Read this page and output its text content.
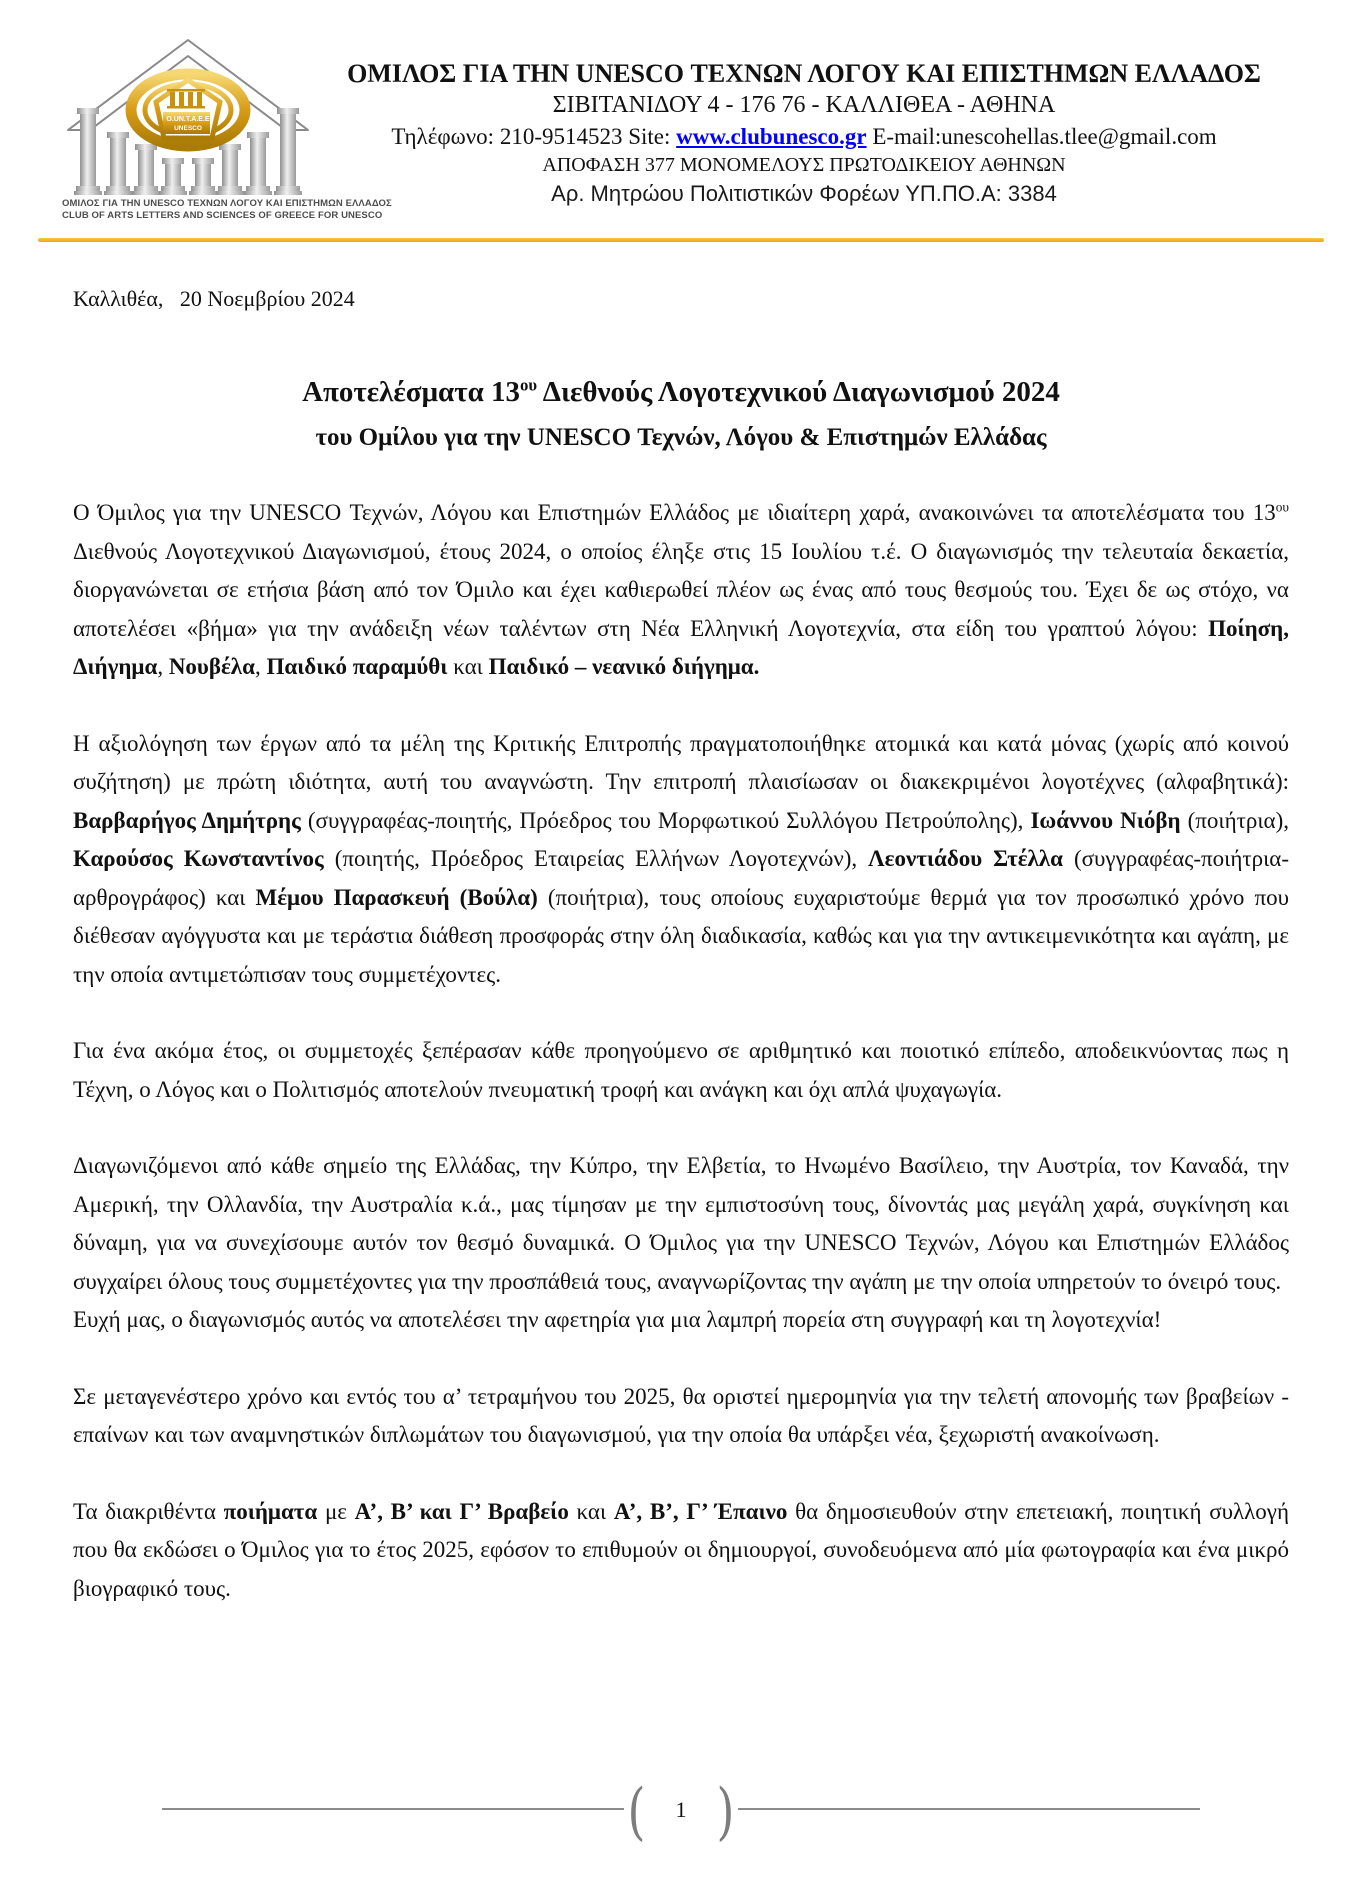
O.UN.T.A.E.E
UNESCO
ΟΜΙΛΟΣ ΓΙΑ ΤΗΝ UNESCO ΤΕΧΝΩΝ ΛΟΓΟΥ ΚΑΙ ΕΠΙΣΤΗΜΩΝ ΕΛΛΑΔΟΣ
CLUB OF ARTS LETTERS AND SCIENCES OF GREECE FOR UNESCO
ΟΜΙΛΟΣ ΓΙΑ ΤΗΝ UNESCO ΤΕΧΝΩΝ ΛΟΓΟΥ ΚΑΙ ΕΠΙΣΤΗΜΩΝ ΕΛΛΑΔΟΣ
ΣΙΒΙΤΑΝΙΔΟΥ 4 - 176 76 - ΚΑΛΛΙΘΕΑ - ΑΘΗΝΑ
Τηλέφωνο: 210-9514523 Site: www.clubunesco.gr E-mail:unescohellas.tlee@gmail.com
ΑΠΟΦΑΣΗ 377 ΜΟΝΟΜΕΛΟΥΣ ΠΡΩΤΟΔΙΚΕΙΟΥ ΑΘΗΝΩΝ
Αρ. Μητρώου Πολιτιστικών Φορέων ΥΠ.ΠΟ.Α: 3384
Καλλιθέα,   20 Νοεμβρίου 2024
Αποτελέσματα $13^{o\upsilon}$ Διεθνούς Λογοτεχνικού Διαγωνισμού 2024
του Ομίλου για την UNESCO Τεχνών, Λόγου & Επιστημών Ελλάδας

Ο Όμιλος για την UNESCO Τεχνών, Λόγου και Επιστημών Ελλάδος με ιδιαίτερη χαρά, ανακοινώνει τα αποτελέσματα του $13^{o\upsilon}$ Διεθνούς Λογοτεχνικού Διαγωνισμού, έτους 2024, ο οποίος έληξε στις 15 Ιουλίου τ.έ. Ο διαγωνισμός την τελευταία δεκαετία, διοργανώνεται σε ετήσια βάση από τον Όμιλο και έχει καθιερωθεί πλέον ως ένας από τους θεσμούς του. Έχει δε ως στόχο, να αποτελέσει «βήμα» για την ανάδειξη νέων ταλέντων στη Νέα Ελληνική Λογοτεχνία, στα είδη του γραπτού λόγου: Ποίηση, Διήγημα, Νουβέλα, Παιδικό παραμύθι και Παιδικό – νεανικό διήγημα.

Η αξιολόγηση των έργων από τα μέλη της Κριτικής Επιτροπής πραγματοποιήθηκε ατομικά και κατά μόνας (χωρίς από κοινού συζήτηση) με πρώτη ιδιότητα, αυτή του αναγνώστη. Την επιτροπή πλαισίωσαν οι διακεκριμένοι λογοτέχνες (αλφαβητικά): Βαρβαρήγος Δημήτρης (συγγραφέας-ποιητής, Πρόεδρος του Μορφωτικού Συλλόγου Πετρούπολης), Ιωάννου Νιόβη (ποιήτρια), Καρούσος Κωνσταντίνος (ποιητής, Πρόεδρος Εταιρείας Ελλήνων Λογοτεχνών), Λεοντιάδου Στέλλα (συγγραφέας-ποιήτρια-αρθρογράφος) και Μέμου Παρασκευή (Βούλα) (ποιήτρια), τους οποίους ευχαριστούμε θερμά για τον προσωπικό χρόνο που διέθεσαν αγόγγυστα και με τεράστια διάθεση προσφοράς στην όλη διαδικασία, καθώς και για την αντικειμενικότητα και αγάπη, με την οποία αντιμετώπισαν τους συμμετέχοντες.

Για ένα ακόμα έτος, οι συμμετοχές ξεπέρασαν κάθε προηγούμενο σε αριθμητικό και ποιοτικό επίπεδο, αποδεικνύοντας πως η Τέχνη, ο Λόγος και ο Πολιτισμός αποτελούν πνευματική τροφή και ανάγκη και όχι απλά ψυχαγωγία.

Διαγωνιζόμενοι από κάθε σημείο της Ελλάδας, την Κύπρο, την Ελβετία, το Ηνωμένο Βασίλειο, την Αυστρία, τον Καναδά, την Αμερική, την Ολλανδία, την Αυστραλία κ.ά., μας τίμησαν με την εμπιστοσύνη τους, δίνοντάς μας μεγάλη χαρά, συγκίνηση και δύναμη, για να συνεχίσουμε αυτόν τον θεσμό δυναμικά. Ο Όμιλος για την UNESCO Τεχνών, Λόγου και Επιστημών Ελλάδος συγχαίρει όλους τους συμμετέχοντες για την προσπάθειά τους, αναγνωρίζοντας την αγάπη με την οποία υπηρετούν το όνειρό τους.
Ευχή μας, ο διαγωνισμός αυτός να αποτελέσει την αφετηρία για μια λαμπρή πορεία στη συγγραφή και τη λογοτεχνία!

Σε μεταγενέστερο χρόνο και εντός του α’ τετραμήνου του 2025, θα οριστεί ημερομηνία για την τελετή απονομής των βραβείων - επαίνων και των αναμνηστικών διπλωμάτων του διαγωνισμού, για την οποία θα υπάρξει νέα, ξεχωριστή ανακοίνωση.

Τα διακριθέντα ποιήματα με Α’, Β’ και Γ’ Βραβείο και Α’, Β’, Γ’ Έπαινο θα δημοσιευθούν στην επετειακή, ποιητική συλλογή που θα εκδώσει ο Όμιλος για το έτος 2025, εφόσον το επιθυμούν οι δημιουργοί, συνοδευόμενα από μία φωτογραφία και ένα μικρό βιογραφικό τους.

(	1 )
